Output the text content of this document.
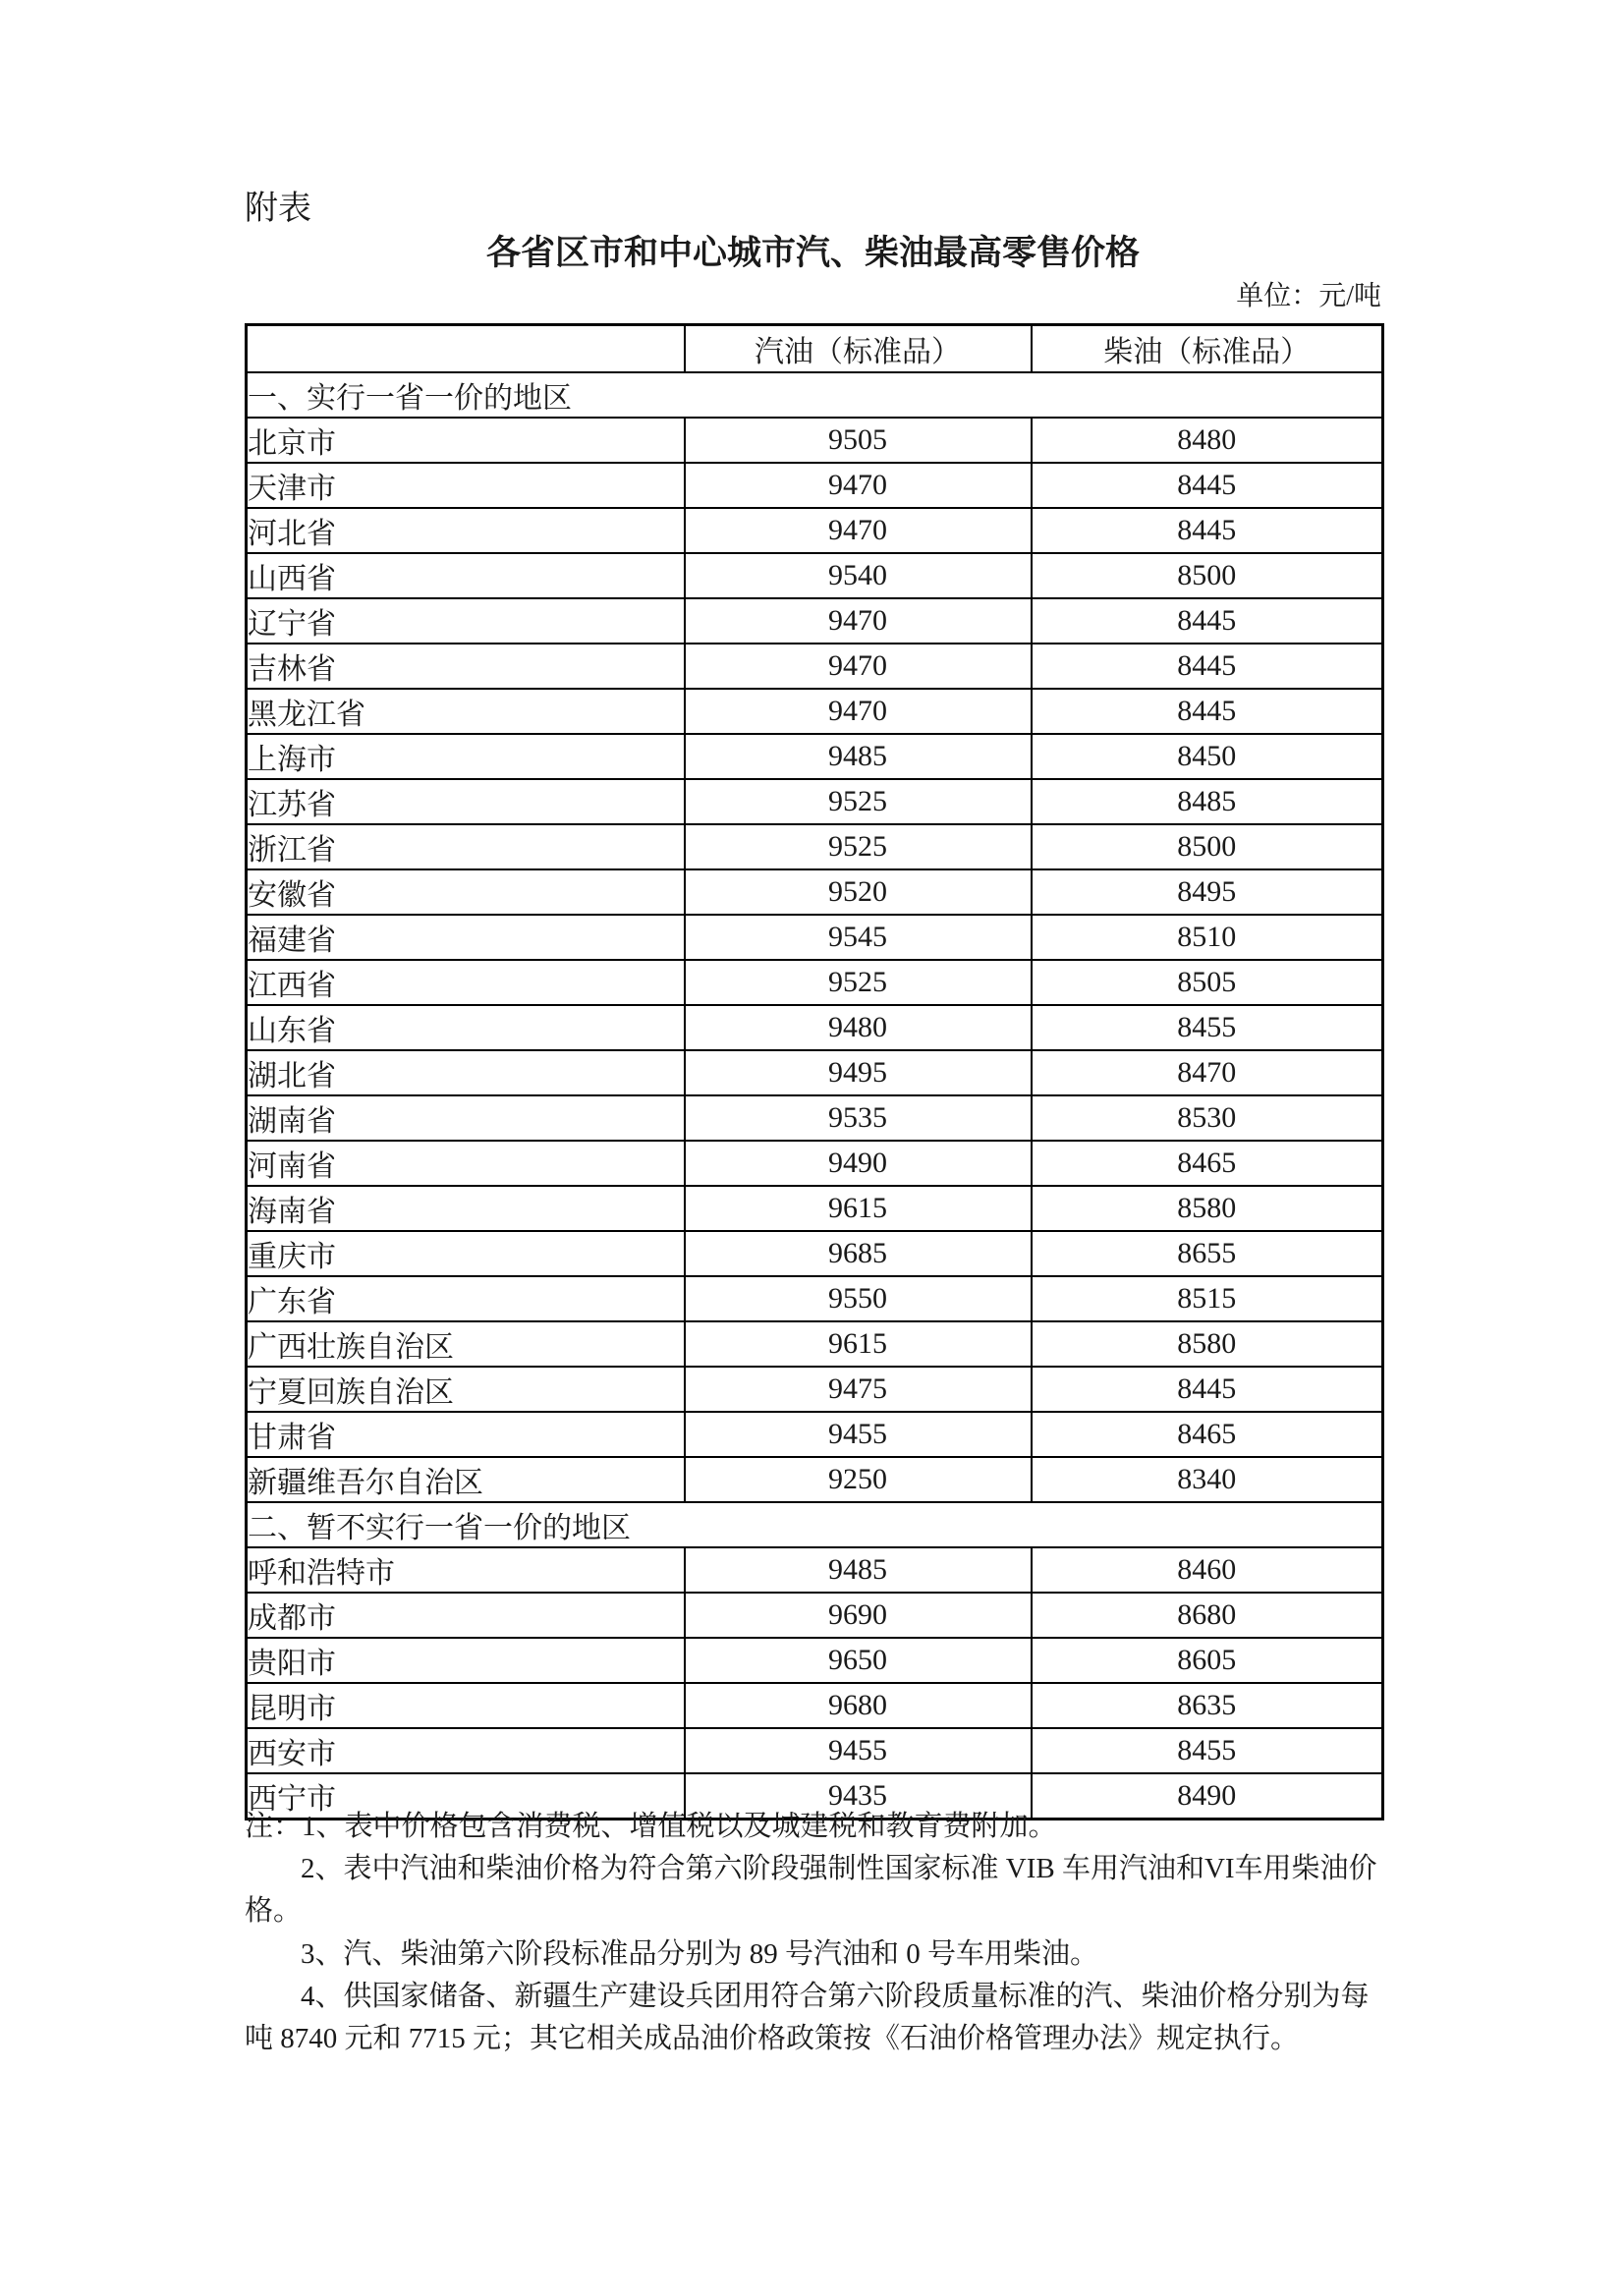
附表
各省区市和中心城市汽、柴油最高零售价格
单位：元/吨
	汽油（标准品）	柴油（标准品）
一、实行一省一价的地区		
北京市	9505	8480
天津市	9470	8445
河北省	9470	8445
山西省	9540	8500
辽宁省	9470	8445
吉林省	9470	8445
黑龙江省	9470	8445
上海市	9485	8450
江苏省	9525	8485
浙江省	9525	8500
安徽省	9520	8495
福建省	9545	8510
江西省	9525	8505
山东省	9480	8455
湖北省	9495	8470
湖南省	9535	8530
河南省	9490	8465
海南省	9615	8580
重庆市	9685	8655
广东省	9550	8515
广西壮族自治区	9615	8580
宁夏回族自治区	9475	8445
甘肃省	9455	8465
新疆维吾尔自治区	9250	8340
二、暂不实行一省一价的地区		
呼和浩特市	9485	8460
成都市	9690	8680
贵阳市	9650	8605
昆明市	9680	8635
西安市	9455	8455
西宁市	9435	8490
注：1、表中价格包含消费税、增值税以及城建税和教育费附加。
2、表中汽油和柴油价格为符合第六阶段强制性国家标准 VIB 车用汽油和VI车用柴油价
格。
3、汽、柴油第六阶段标准品分别为 89 号汽油和 0 号车用柴油。
4、供国家储备、新疆生产建设兵团用符合第六阶段质量标准的汽、柴油价格分别为每
吨 8740 元和 7715 元；其它相关成品油价格政策按《石油价格管理办法》规定执行。
